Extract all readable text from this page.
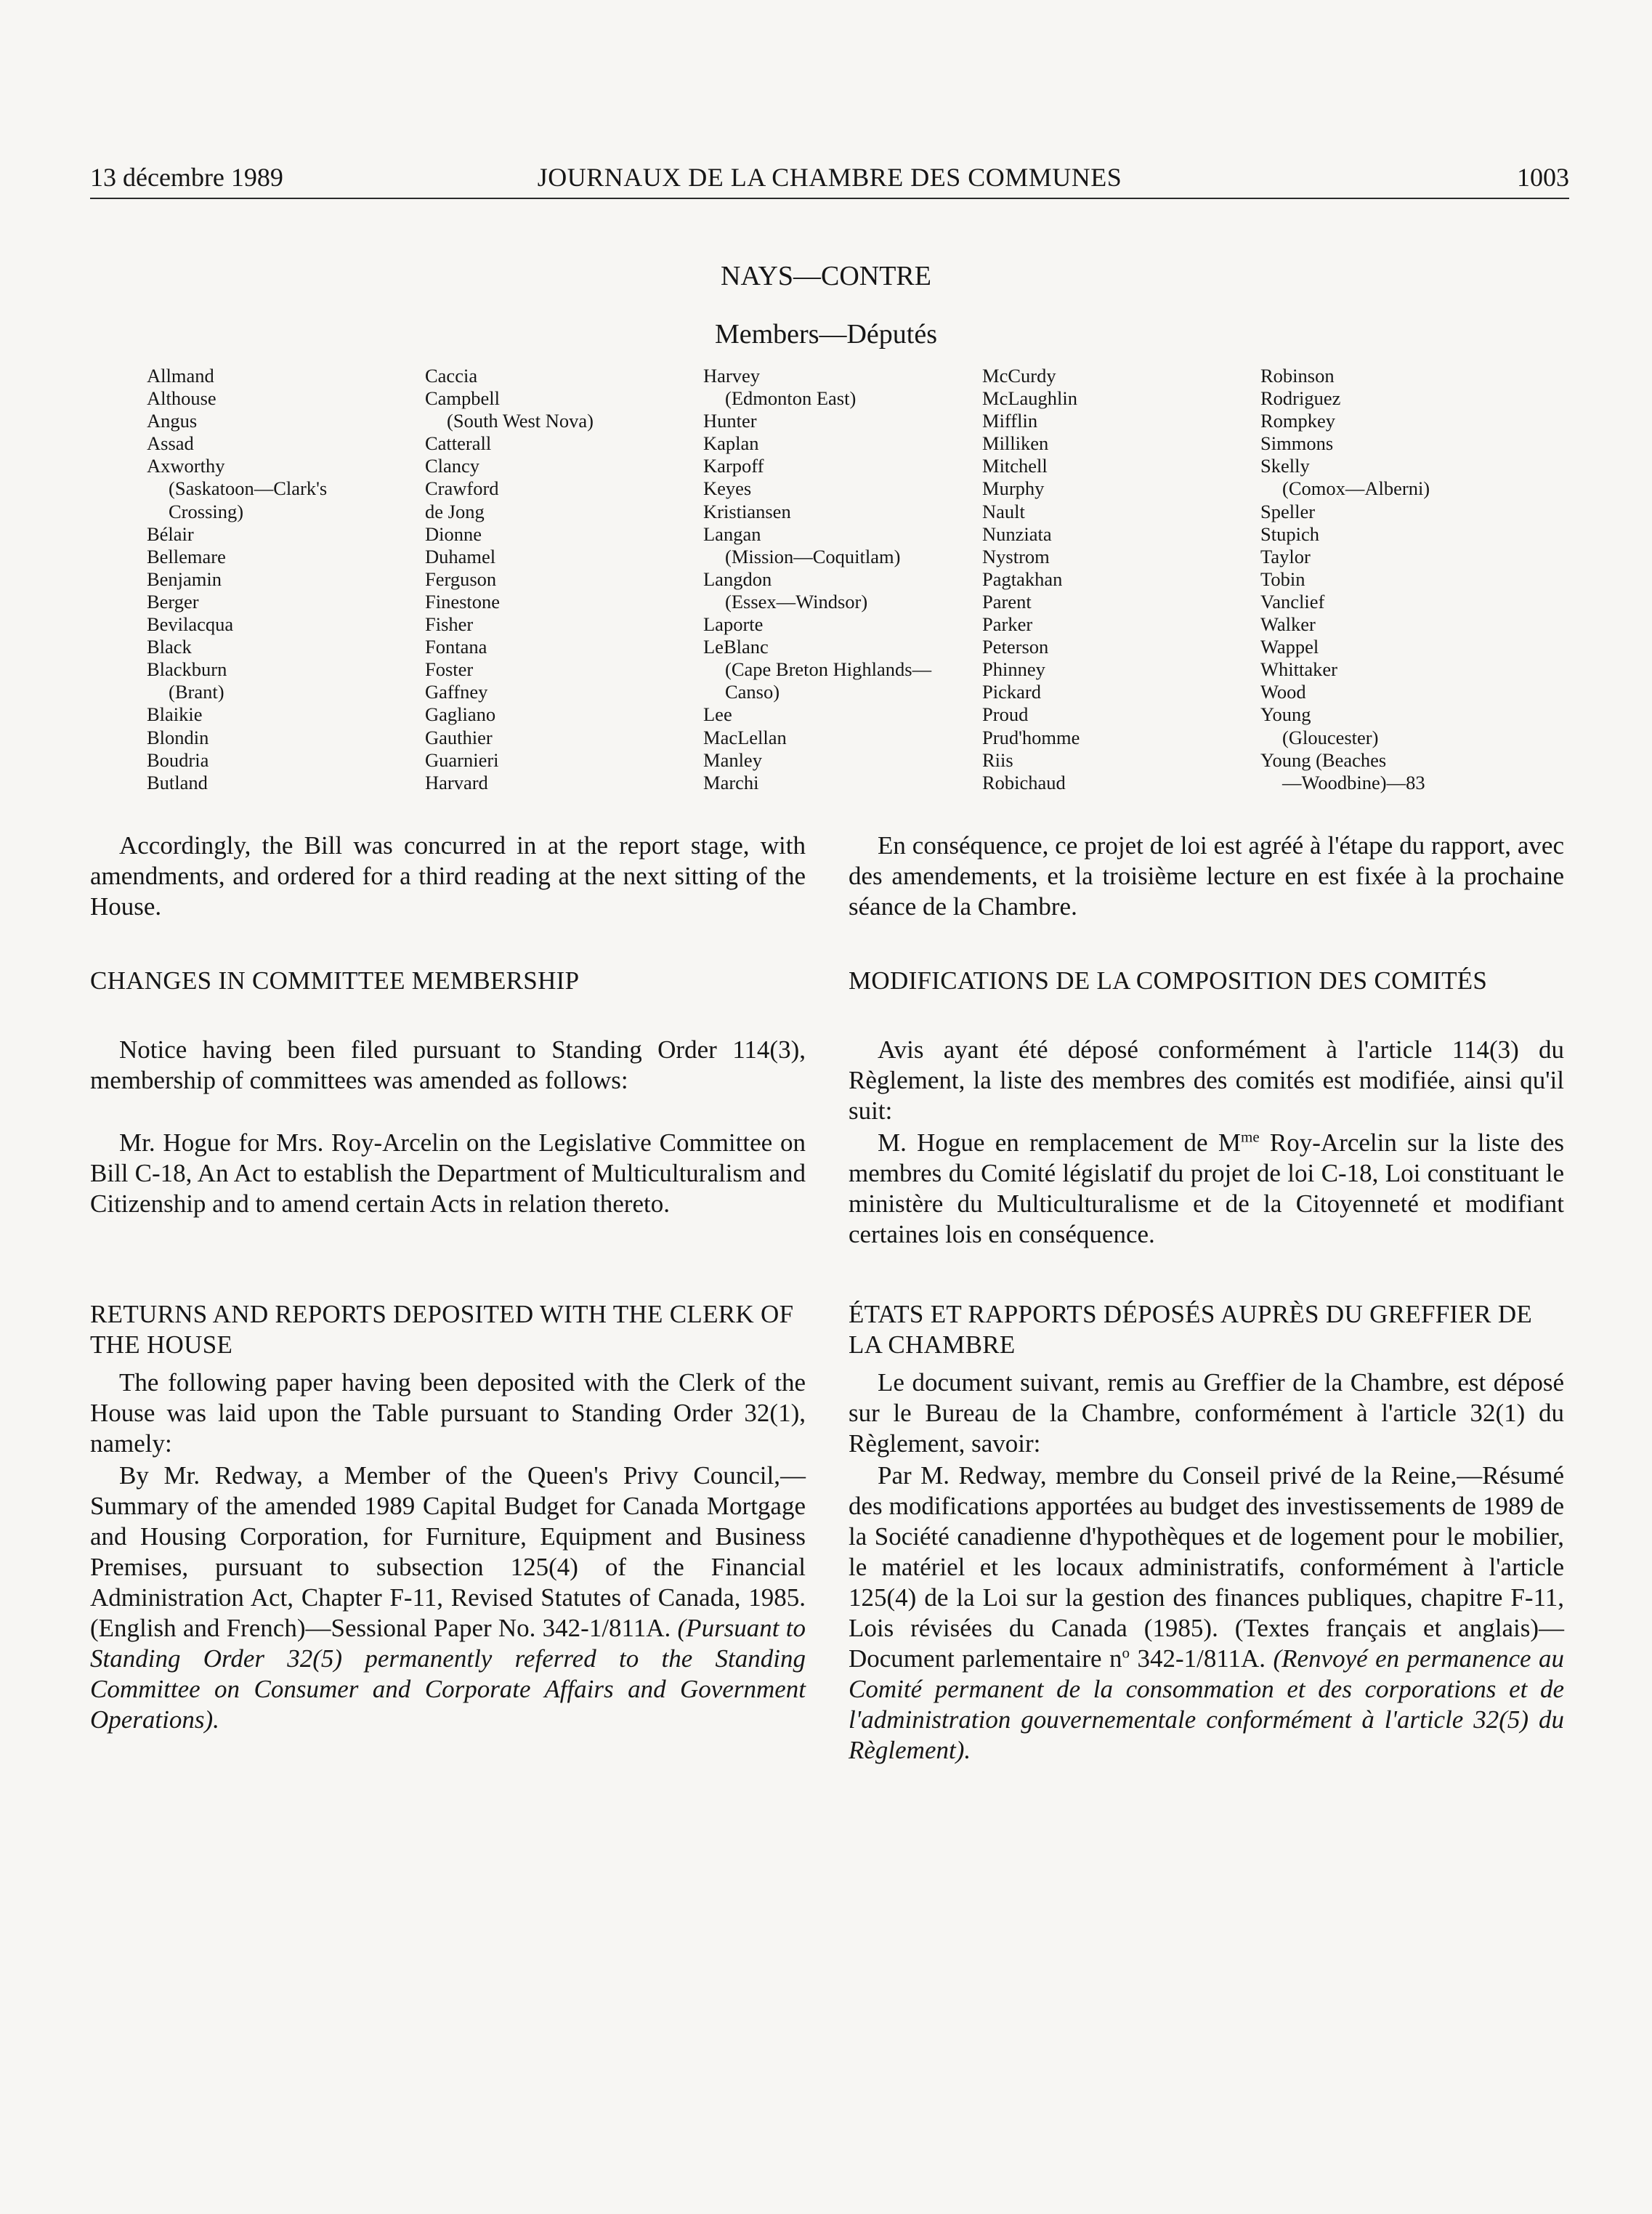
13 décembre 1989	JOURNAUX DE LA CHAMBRE DES COMMUNES	1003
NAYS—CONTRE
Members—Députés
Allmand
Althouse
Angus
Assad
Axworthy
(Saskatoon—Clark's
Crossing)
Bélair
Bellemare
Benjamin
Berger
Bevilacqua
Black
Blackburn
(Brant)
Blaikie
Blondin
Boudria
Butland
Caccia
Campbell
(South West Nova)
Catterall
Clancy
Crawford
de Jong
Dionne
Duhamel
Ferguson
Finestone
Fisher
Fontana
Foster
Gaffney
Gagliano
Gauthier
Guarnieri
Harvard
Harvey
(Edmonton East)
Hunter
Kaplan
Karpoff
Keyes
Kristiansen
Langan
(Mission—Coquitlam)
Langdon
(Essex—Windsor)
Laporte
LeBlanc
(Cape Breton Highlands—
Canso)
Lee
MacLellan
Manley
Marchi
McCurdy
McLaughlin
Mifflin
Milliken
Mitchell
Murphy
Nault
Nunziata
Nystrom
Pagtakhan
Parent
Parker
Peterson
Phinney
Pickard
Proud
Prud'homme
Riis
Robichaud
Robinson
Rodriguez
Rompkey
Simmons
Skelly
(Comox—Alberni)
Speller
Stupich
Taylor
Tobin
Vanclief
Walker
Wappel
Whittaker
Wood
Young
(Gloucester)
Young (Beaches
—Woodbine)—83

Accordingly, the Bill was concurred in at the report stage, with amendments, and ordered for a third reading at the next sitting of the House.

CHANGES IN COMMITTEE MEMBERSHIP

Notice having been filed pursuant to Standing Order 114(3), membership of committees was amended as follows:

Mr. Hogue for Mrs. Roy-Arcelin on the Legislative Committee on Bill C-18, An Act to establish the Department of Multiculturalism and Citizenship and to amend certain Acts in relation thereto.

RETURNS AND REPORTS DEPOSITED WITH THE CLERK OF THE HOUSE

The following paper having been deposited with the Clerk of the House was laid upon the Table pursuant to Standing Order 32(1), namely:

By Mr. Redway, a Member of the Queen's Privy Council,—Summary of the amended 1989 Capital Budget for Canada Mortgage and Housing Corporation, for Furniture, Equipment and Business Premises, pursuant to subsection 125(4) of the Financial Administration Act, Chapter F-11, Revised Statutes of Canada, 1985. (English and French)—Sessional Paper No. 342-1/811A. (Pursuant to Standing Order 32(5) permanently referred to the Standing Committee on Consumer and Corporate Affairs and Government Operations).

En conséquence, ce projet de loi est agréé à l'étape du rapport, avec des amendements, et la troisième lecture en est fixée à la prochaine séance de la Chambre.

MODIFICATIONS DE LA COMPOSITION DES COMITÉS

Avis ayant été déposé conformément à l'article 114(3) du Règlement, la liste des membres des comités est modifiée, ainsi qu'il suit:

M. Hogue en remplacement de $M^{me}$ Roy-Arcelin sur la liste des membres du Comité législatif du projet de loi C-18, Loi constituant le ministère du Multiculturalisme et de la Citoyenneté et modifiant certaines lois en conséquence.

ÉTATS ET RAPPORTS DÉPOSÉS AUPRÈS DU GREFFIER DE LA CHAMBRE

Le document suivant, remis au Greffier de la Chambre, est déposé sur le Bureau de la Chambre, conformément à l'article 32(1) du Règlement, savoir:

Par M. Redway, membre du Conseil privé de la Reine,—Résumé des modifications apportées au budget des investissements de 1989 de la Société canadienne d'hypothèques et de logement pour le mobilier, le matériel et les locaux administratifs, conformément à l'article 125(4) de la Loi sur la gestion des finances publiques, chapitre F-11, Lois révisées du Canada (1985). (Textes français et anglais)—Document parlementaire $n^o$ 342-1/811A. (Renvoyé en permanence au Comité permanent de la consommation et des corporations et de l'administration gouvernementale conformément à l'article 32(5) du Règlement).
